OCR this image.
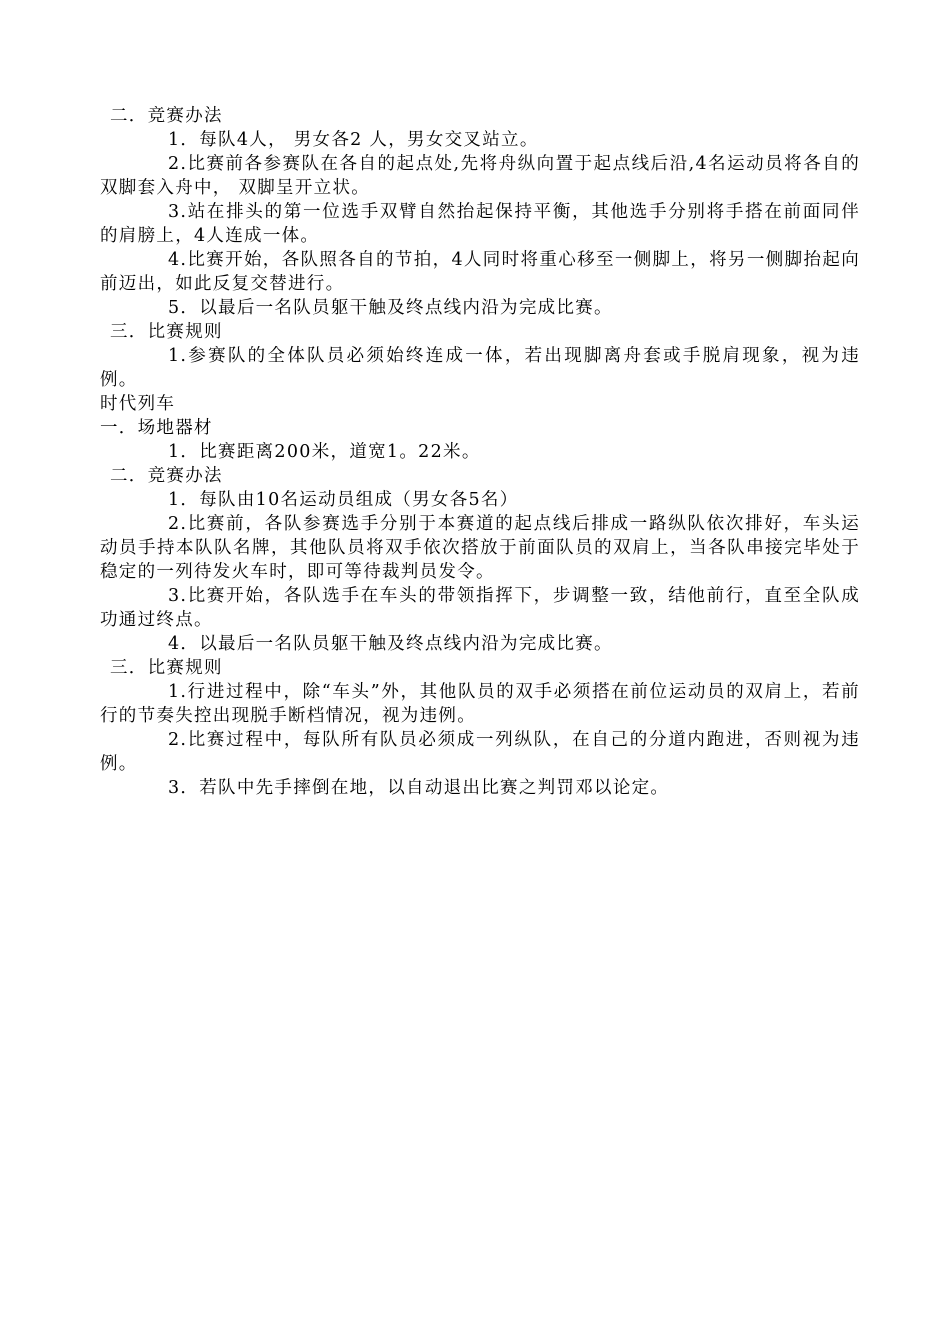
二．竞赛办法
1．每队4人， 男女各2 人，男女交叉站立。
2.比赛前各参赛队在各自的起点处,先将舟纵向置于起点线后沿,4名运动员将各自的双脚套入舟中， 双脚呈开立状。
3.站在排头的第一位选手双臂自然抬起保持平衡，其他选手分别将手搭在前面同伴的肩膀上，4人连成一体。
4.比赛开始，各队照各自的节拍，4人同时将重心移至一侧脚上，将另一侧脚抬起向前迈出，如此反复交替进行。
5．以最后一名队员躯干触及终点线内沿为完成比赛。
三．比赛规则
1.参赛队的全体队员必须始终连成一体，若出现脚离舟套或手脱肩现象，视为违例。
时代列车
一．场地器材
1．比赛距离200米，道宽1。22米。
二．竞赛办法
1．每队由10名运动员组成（男女各5名）
2.比赛前，各队参赛选手分别于本赛道的起点线后排成一路纵队依次排好，车头运动员手持本队队名牌，其他队员将双手依次搭放于前面队员的双肩上，当各队串接完毕处于稳定的一列待发火车时，即可等待裁判员发令。
3.比赛开始，各队选手在车头的带领指挥下，步调整一致，结他前行，直至全队成功通过终点。
4．以最后一名队员躯干触及终点线内沿为完成比赛。
三．比赛规则
1.行进过程中，除“车头”外，其他队员的双手必须搭在前位运动员的双肩上，若前行的节奏失控出现脱手断档情况，视为违例。
2.比赛过程中，每队所有队员必须成一列纵队，在自己的分道内跑进，否则视为违例。
3．若队中先手摔倒在地，以自动退出比赛之判罚邓以论定。
